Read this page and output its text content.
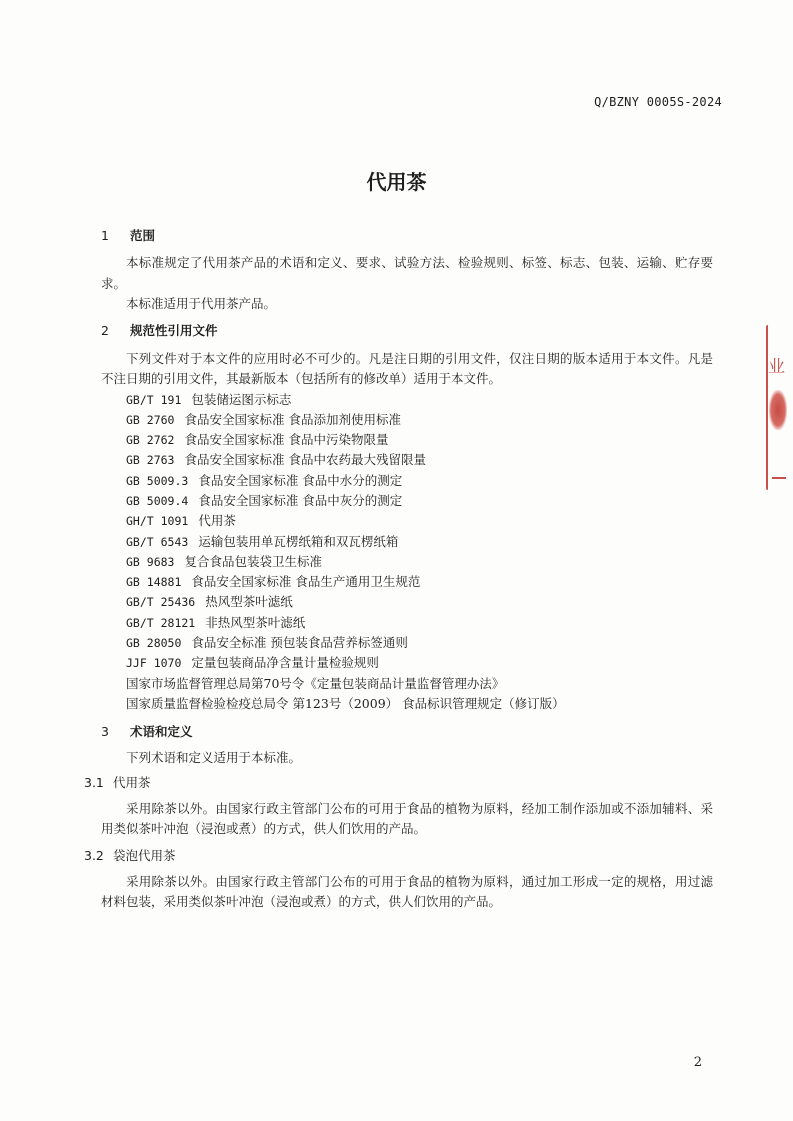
Q/BZNY 0005S-2024
代用茶
1 范围

本标准规定了代用茶产品的术语和定义、要求、试验方法、检验规则、标签、标志、包装、运输、贮存要求。

本标准适用于代用茶产品。

2 规范性引用文件

下列文件对于本文件的应用时必不可少的。凡是注日期的引用文件，仅注日期的版本适用于本文件。凡是不注日期的引用文件，其最新版本（包括所有的修改单）适用于本文件。

GB/T 191 包装储运图示标志
GB 2760 食品安全国家标准 食品添加剂使用标准
GB 2762 食品安全国家标准 食品中污染物限量
GB 2763 食品安全国家标准 食品中农药最大残留限量
GB 5009.3 食品安全国家标准 食品中水分的测定
GB 5009.4 食品安全国家标准 食品中灰分的测定
GH/T 1091 代用茶
GB/T 6543 运输包装用单瓦楞纸箱和双瓦楞纸箱
GB 9683 复合食品包装袋卫生标准
GB 14881 食品安全国家标准 食品生产通用卫生规范
GB/T 25436 热风型茶叶滤纸
GB/T 28121 非热风型茶叶滤纸
GB 28050 食品安全标准 预包装食品营养标签通则
JJF 1070 定量包装商品净含量计量检验规则
国家市场监督管理总局第70号令《定量包装商品计量监督管理办法》
国家质量监督检验检疫总局令 第123号（2009） 食品标识管理规定（修订版）
3 术语和定义

下列术语和定义适用于本标准。

3.1 代用茶

采用除茶以外。由国家行政主管部门公布的可用于食品的植物为原料，经加工制作添加或不添加辅料、采用类似茶叶冲泡（浸泡或煮）的方式，供人们饮用的产品。

3.2 袋泡代用茶

采用除茶以外。由国家行政主管部门公布的可用于食品的植物为原料，通过加工形成一定的规格，用过滤材料包装，采用类似茶叶冲泡（浸泡或煮）的方式，供人们饮用的产品。

2
业
